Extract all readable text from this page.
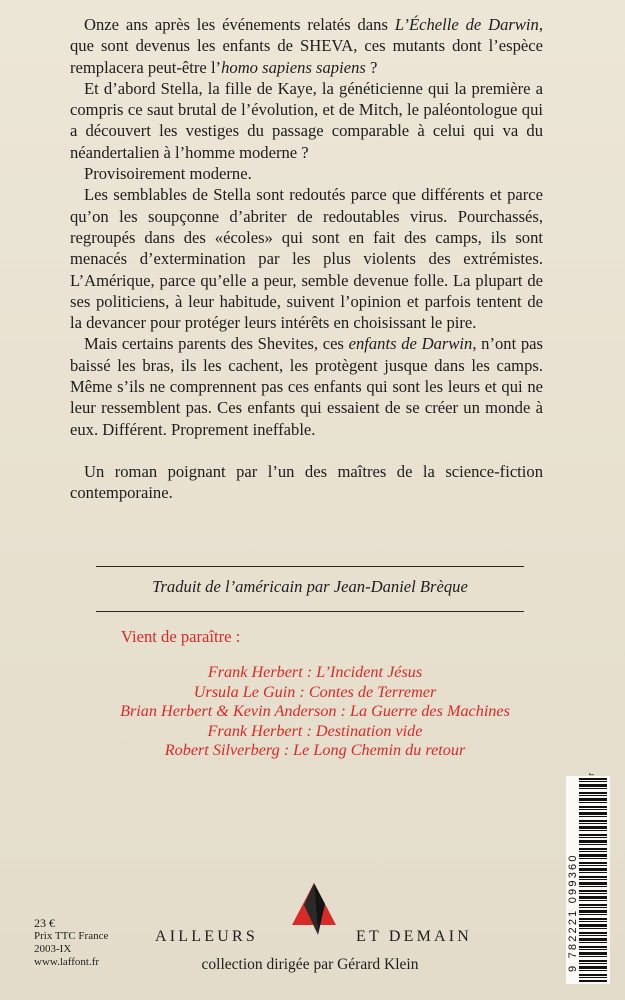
Onze ans après les événements relatés dans L’Échelle de Darwin, que sont devenus les enfants de SHEVA, ces mutants dont l’espèce remplacera peut-être l’homo sapiens sapiens ?

Et d’abord Stella, la fille de Kaye, la généticienne qui la première a compris ce saut brutal de l’évolution, et de Mitch, le paléontologue qui a découvert les vestiges du passage comparable à celui qui va du néandertalien à l’homme moderne ?

Provisoirement moderne.

Les semblables de Stella sont redoutés parce que différents et parce qu’on les soupçonne d’abriter de redoutables virus. Pourchassés, regroupés dans des «écoles» qui sont en fait des camps, ils sont menacés d’extermination par les plus violents des extrémistes. L’Amérique, parce qu’elle a peur, semble devenue folle. La plupart de ses politiciens, à leur habitude, suivent l’opinion et parfois tentent de la devancer pour protéger leurs intérêts en choisissant le pire.

Mais certains parents des Shevites, ces enfants de Darwin, n’ont pas baissé les bras, ils les cachent, les protègent jusque dans les camps. Même s’ils ne comprennent pas ces enfants qui sont les leurs et qui ne leur ressemblent pas. Ces enfants qui essaient de se créer un monde à eux. Différent. Proprement ineffable.

Un roman poignant par l’un des maîtres de la science-fiction contemporaine.

Traduit de l’américain par Jean-Daniel Brèque
Vient de paraître :
Frank Herbert : L’Incident Jésus
Ursula Le Guin : Contes de Terremer
Brian Herbert & Kevin Anderson : La Guerre des Machines
Frank Herbert : Destination vide
Robert Silverberg : Le Long Chemin du retour
9 782221 099360
23 €
Prix TTC France
2003-IX
www.laffont.fr
AILLEURS	ET DEMAIN
collection dirigée par Gérard Klein
